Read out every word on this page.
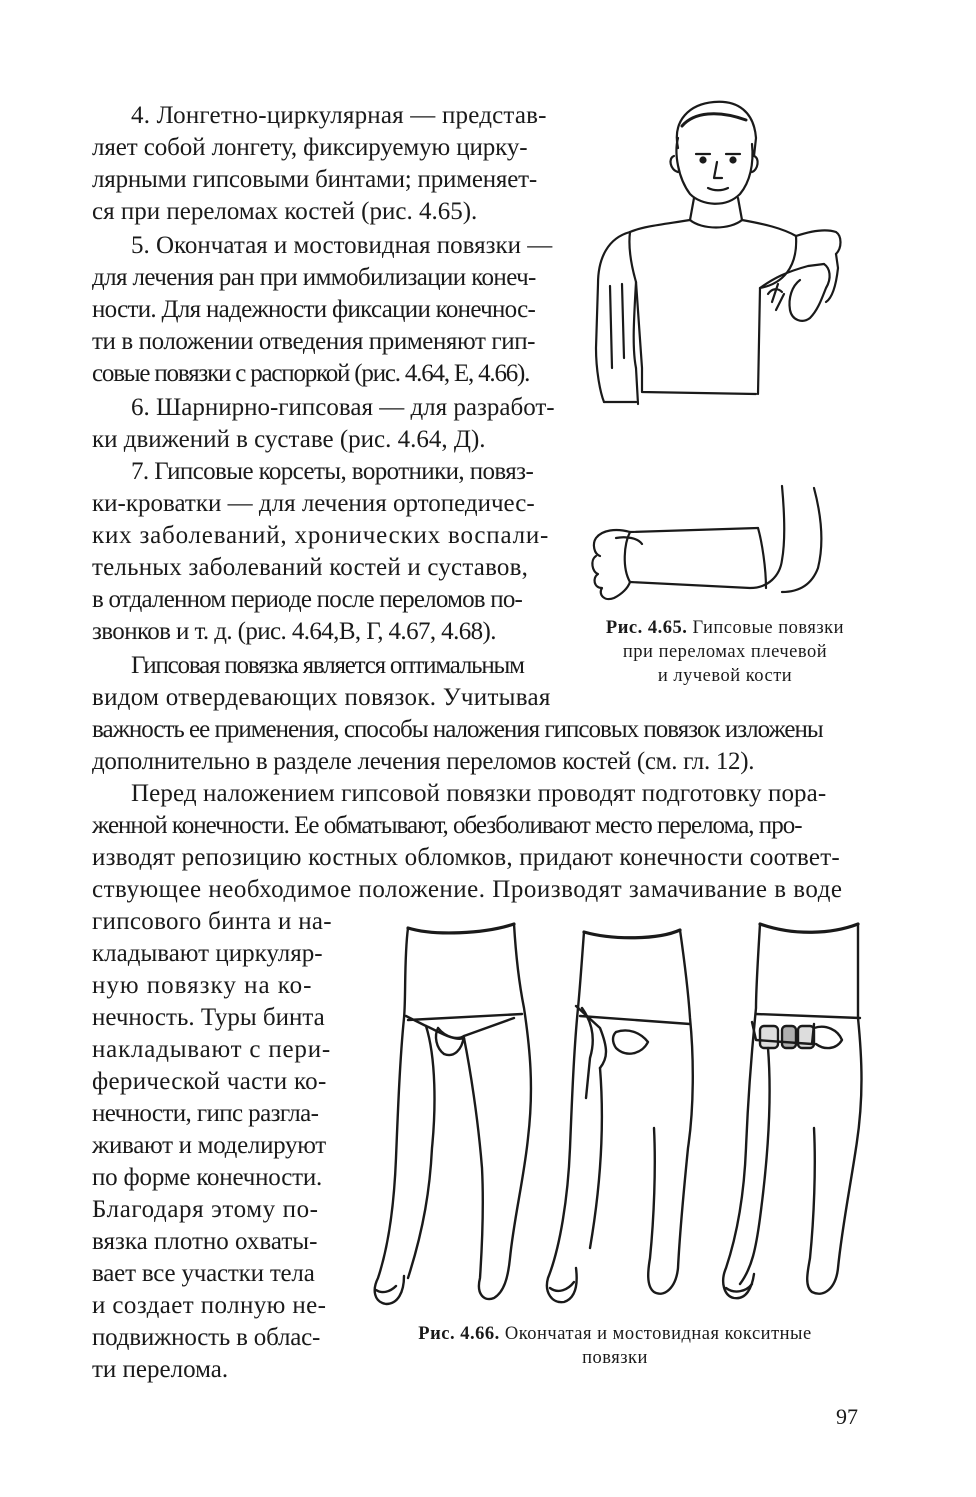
4. Лонгетно-циркулярная — представ-
ляет собой лонгету, фиксируемую цирку-
лярными гипсовыми бинтами; применяет-
ся при переломах костей (рис. 4.65).
5. Окончатая и мостовидная повязки —
для лечения ран при иммобилизации конеч-
ности. Для надежности фиксации конечнос-
ти в положении отведения применяют гип-
совые повязки с распоркой (рис. 4.64, Е, 4.66).
6. Шарнирно-гипсовая — для разработ-
ки движений в суставе (рис. 4.64, Д).
7. Гипсовые корсеты, воротники, повяз-
ки-кроватки — для лечения ортопедичес-
ких заболеваний, хронических воспали-
тельных заболеваний костей и суставов,
в отдаленном периоде после переломов по-
звонков и т. д. (рис. 4.64,В, Г, 4.67, 4.68).
Гипсовая повязка является оптимальным
видом отвердевающих повязок. Учитывая
важность ее применения, способы наложения гипсовых повязок изложены
дополнительно в разделе лечения переломов костей (см. гл. 12).
Перед наложением гипсовой повязки проводят подготовку пора-
женной конечности. Ее обматывают, обезболивают место перелома, про-
изводят репозицию костных обломков, придают конечности соответ-
ствующее необходимое положение. Производят замачивание в воде
гипсового бинта и на-
кладывают циркуляр-
ную повязку на ко-
нечность. Туры бинта
накладывают с пери-
ферической части ко-
нечности, гипс разгла-
живают и моделируют
по форме конечности.
Благодаря этому по-
вязка плотно охваты-
вает все участки тела
и создает полную не-
подвижность в облас-
ти перелома.
Рис. 4.65. Гипсовые повязки
при переломах плечевой
и лучевой кости
Рис. 4.66. Окончатая и мостовидная кокситные
повязки
97
